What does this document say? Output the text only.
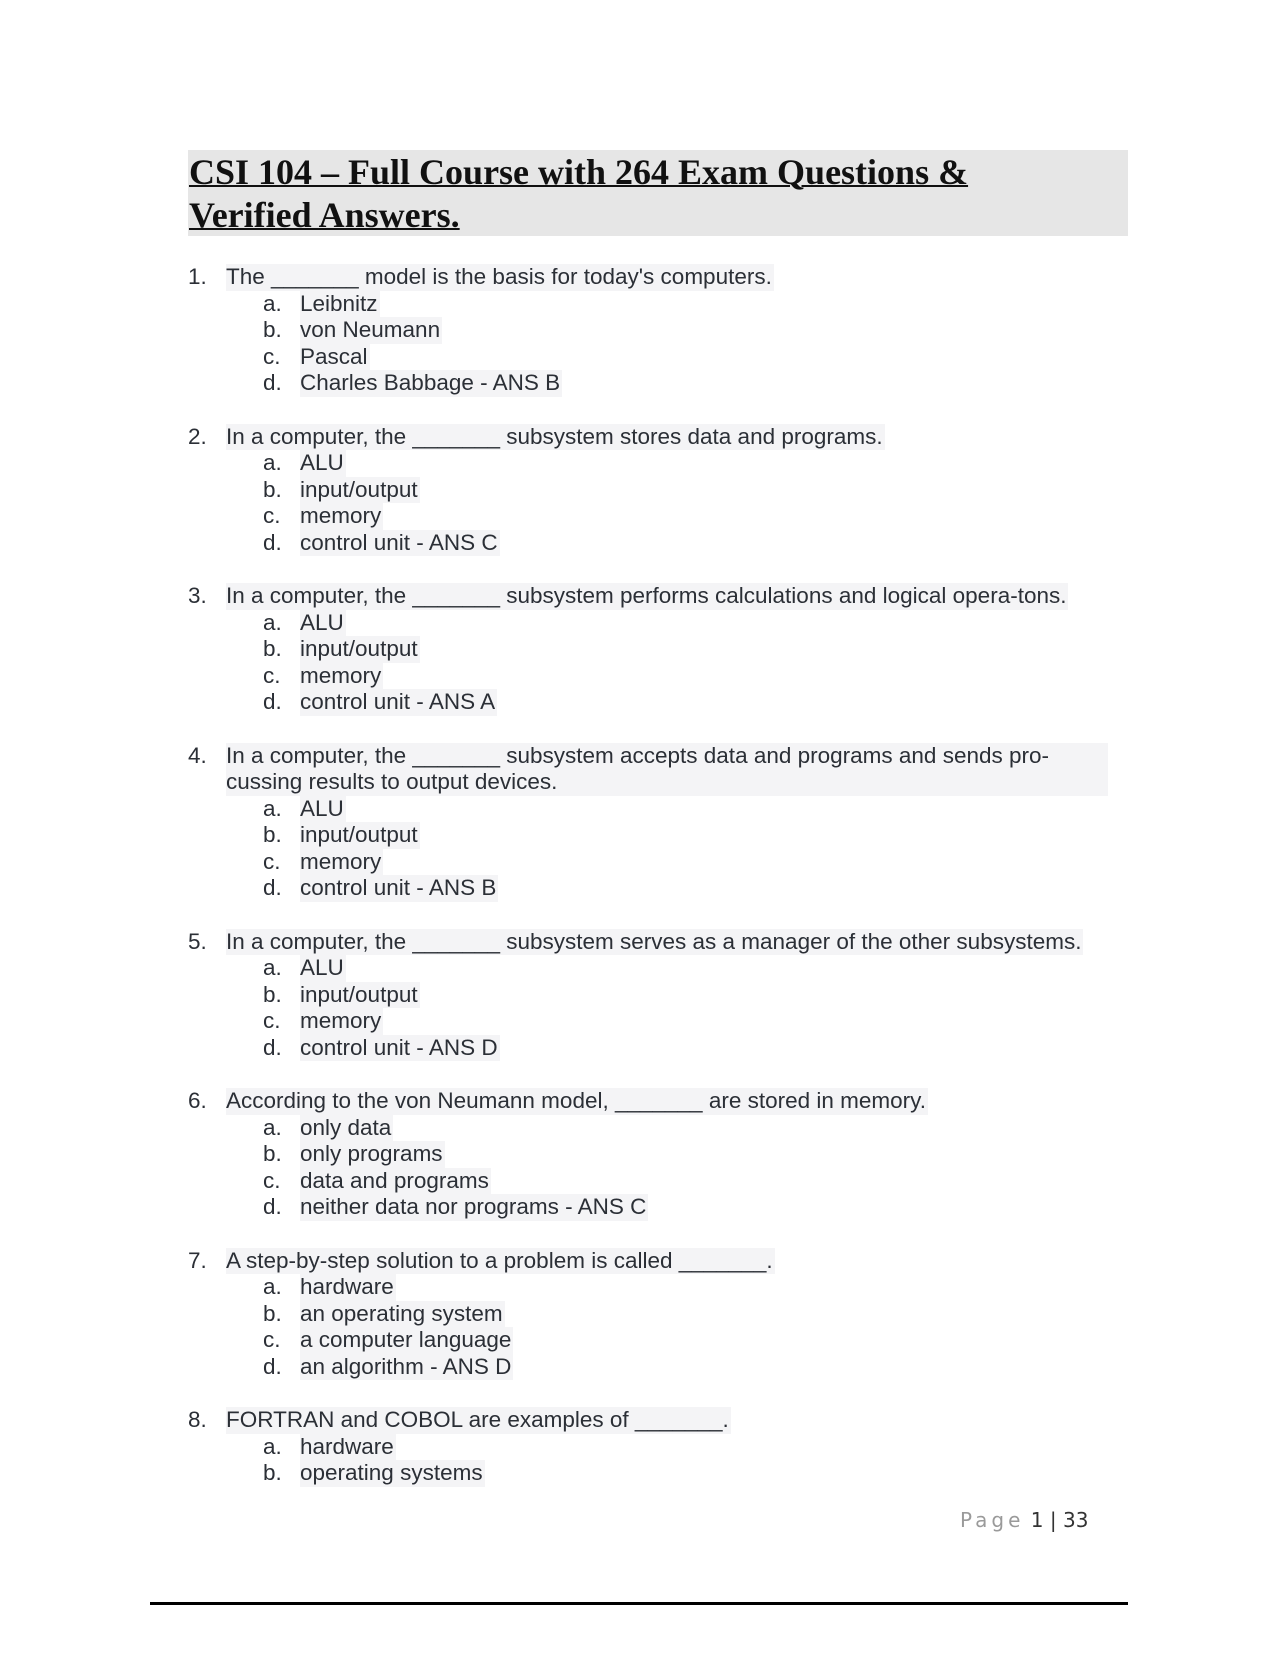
CSI 104 – Full Course with 264 Exam Questions & Verified Answers.
1. The _______ model is the basis for today's computers.
a. Leibnitz
b. von Neumann
c. Pascal
d. Charles Babbage - ANS B
2. In a computer, the _______ subsystem stores data and programs.
a. ALU
b. input/output
c. memory
d. control unit - ANS C
3. In a computer, the _______ subsystem performs calculations and logical opera-tons.
a. ALU
b. input/output
c. memory
d. control unit - ANS A
4. In a computer, the _______ subsystem accepts data and programs and sends pro-cussing results to output devices.
a. ALU
b. input/output
c. memory
d. control unit - ANS B
5. In a computer, the _______ subsystem serves as a manager of the other subsystems.
a. ALU
b. input/output
c. memory
d. control unit - ANS D
6. According to the von Neumann model, _______ are stored in memory.
a. only data
b. only programs
c. data and programs
d. neither data nor programs - ANS C
7. A step-by-step solution to a problem is called _______.
a. hardware
b. an operating system
c. a computer language
d. an algorithm - ANS D
8. FORTRAN and COBOL are examples of _______.
a. hardware
b. operating systems
Page 1 | 33
